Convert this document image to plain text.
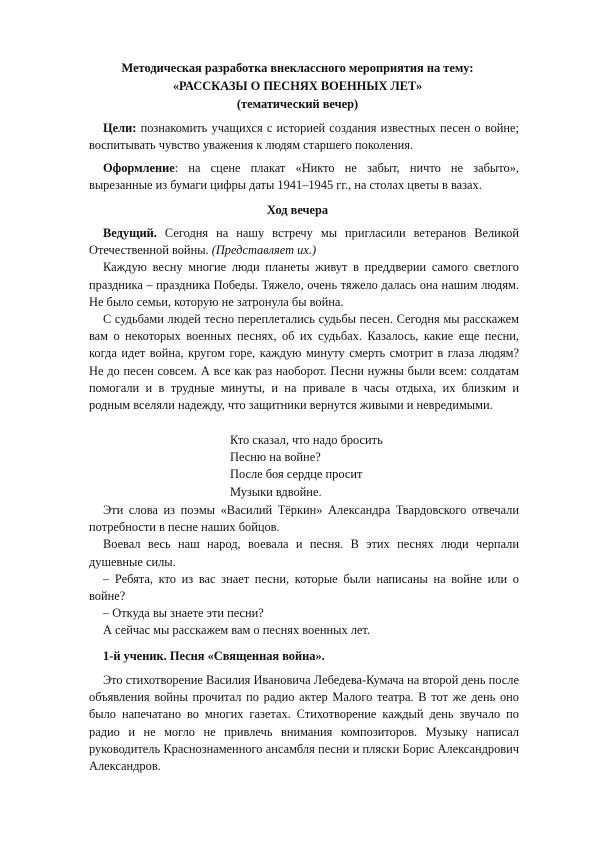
Методическая разработка внеклассного мероприятия на тему:
«РАССКАЗЫ О ПЕСНЯХ ВОЕННЫХ ЛЕТ»
(тематический вечер)

Цели: познакомить учащихся с историей создания известных песен о войне; воспитывать чувство уважения к людям старшего поколения.

Оформление: на сцене плакат «Никто не забыт, ничто не забыто», вырезанные из бумаги цифры даты 1941–1945 гг., на столах цветы в вазах.

Ход вечера

Ведущий. Сегодня на нашу встречу мы пригласили ветеранов Великой Отечественной войны. (Представляет их.)

Каждую весну многие люди планеты живут в преддверии самого светлого праздника – праздника Победы. Тяжело, очень тяжело далась она нашим людям. Не было семьи, которую не затронула бы война.

С судьбами людей тесно переплетались судьбы песен. Сегодня мы расскажем вам о некоторых военных песнях, об их судьбах. Казалось, какие еще песни, когда идет война, кругом горе, каждую минуту смерть смотрит в глаза людям? Не до песен совсем. А все как раз наоборот. Песни нужны были всем: солдатам помогали и в трудные минуты, и на привале в часы отдыха, их близким и родным вселяли надежду, что защитники вернутся живыми и невредимыми.

Кто сказал, что надо бросить
Песню на войне?
После боя сердце просит
Музыки вдвойне.

Эти слова из поэмы «Василий Тёркин» Александра Твардовского отвечали потребности в песне наших бойцов.

Воевал весь наш народ, воевала и песня. В этих песнях люди черпали душевные силы.

– Ребята, кто из вас знает песни, которые были написаны на войне или о войне?

– Откуда вы знаете эти песни?

А сейчас мы расскажем вам о песнях военных лет.

1-й ученик. Песня «Священная война».

Это стихотворение Василия Ивановича Лебедева-Кумача на второй день после объявления войны прочитал по радио актер Малого театра. В тот же день оно было напечатано во многих газетах. Стихотворение каждый день звучало по радио и не могло не привлечь внимания композиторов. Музыку написал руководитель Краснознаменного ансамбля песни и пляски Борис Александрович Александров.
